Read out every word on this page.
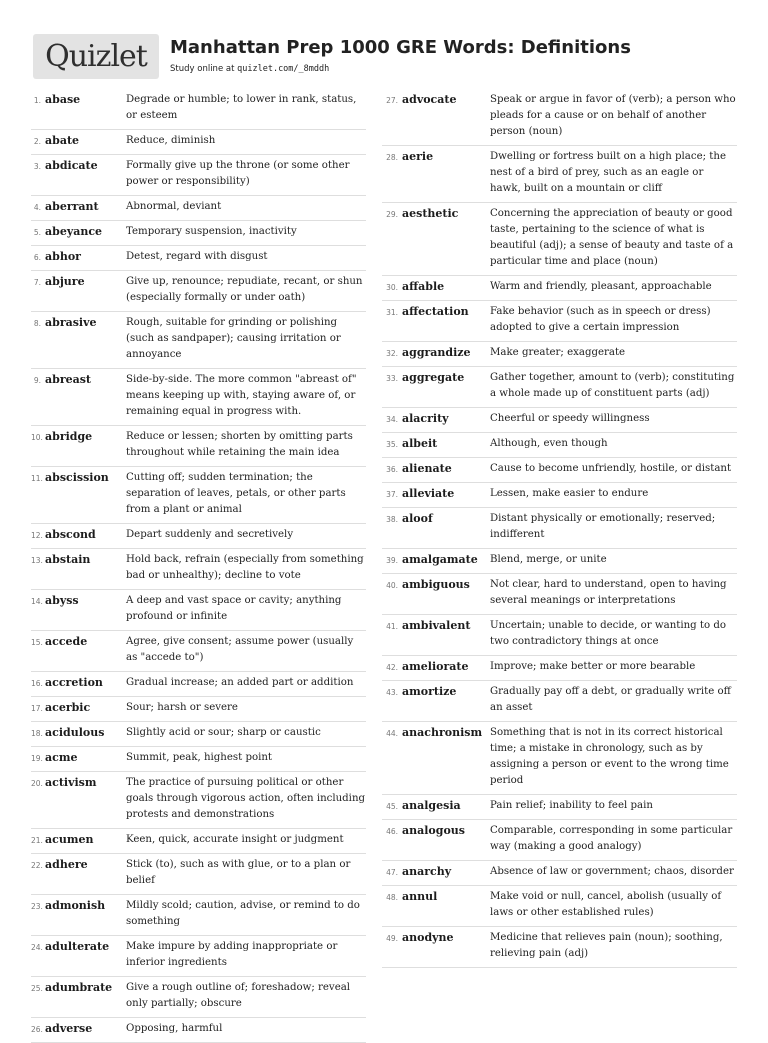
Quizlet	Manhattan Prep 1000 GRE Words: Definitions
Study online at quizlet.com/_8mddh
1. abase	Degrade or humble; to lower in rank, status, or esteem
2. abate	Reduce, diminish
3. abdicate	Formally give up the throne (or some other power or responsibility)
4. aberrant	Abnormal, deviant
5. abeyance	Temporary suspension, inactivity
6. abhor	Detest, regard with disgust
7. abjure	Give up, renounce; repudiate, recant, or shun (especially formally or under oath)
8. abrasive	Rough, suitable for grinding or polishing (such as sandpaper); causing irritation or annoyance
9. abreast	Side-by-side. The more common "abreast of" means keeping up with, staying aware of, or remaining equal in progress with.
10. abridge	Reduce or lessen; shorten by omitting parts throughout while retaining the main idea
11. abscission	Cutting off; sudden termination; the separation of leaves, petals, or other parts from a plant or animal
12. abscond	Depart suddenly and secretively
13. abstain	Hold back, refrain (especially from something bad or unhealthy); decline to vote
14. abyss	A deep and vast space or cavity; anything profound or infinite
15. accede	Agree, give consent; assume power (usually as "accede to")
16. accretion	Gradual increase; an added part or addition
17. acerbic	Sour; harsh or severe
18. acidulous	Slightly acid or sour; sharp or caustic
19. acme	Summit, peak, highest point
20. activism	The practice of pursuing political or other goals through vigorous action, often including protests and demonstrations
21. acumen	Keen, quick, accurate insight or judgment
22. adhere	Stick (to), such as with glue, or to a plan or belief
23. admonish	Mildly scold; caution, advise, or remind to do something
24. adulterate	Make impure by adding inappropriate or inferior ingredients
25. adumbrate	Give a rough outline of; foreshadow; reveal only partially; obscure
26. adverse	Opposing, harmful
27. advocate	Speak or argue in favor of (verb); a person who pleads for a cause or on behalf of another person (noun)
28. aerie	Dwelling or fortress built on a high place; the nest of a bird of prey, such as an eagle or hawk, built on a mountain or cliff
29. aesthetic	Concerning the appreciation of beauty or good taste, pertaining to the science of what is beautiful (adj); a sense of beauty and taste of a particular time and place (noun)
30. affable	Warm and friendly, pleasant, approachable
31. affectation	Fake behavior (such as in speech or dress) adopted to give a certain impression
32. aggrandize	Make greater; exaggerate
33. aggregate	Gather together, amount to (verb); constituting a whole made up of constituent parts (adj)
34. alacrity	Cheerful or speedy willingness
35. albeit	Although, even though
36. alienate	Cause to become unfriendly, hostile, or distant
37. alleviate	Lessen, make easier to endure
38. aloof	Distant physically or emotionally; reserved; indifferent
39. amalgamate	Blend, merge, or unite
40. ambiguous	Not clear, hard to understand, open to having several meanings or interpretations
41. ambivalent	Uncertain; unable to decide, or wanting to do two contradictory things at once
42. ameliorate	Improve; make better or more bearable
43. amortize	Gradually pay off a debt, or gradually write off an asset
44. anachronism Something that is not in its correct historical time; a mistake in chronology, such as by assigning a person or event to the wrong time period
45. analgesia	Pain relief; inability to feel pain
46. analogous	Comparable, corresponding in some particular way (making a good analogy)
47. anarchy	Absence of law or government; chaos, disorder
48. annul	Make void or null, cancel, abolish (usually of laws or other established rules)
49. anodyne	Medicine that relieves pain (noun); soothing, relieving pain (adj)
